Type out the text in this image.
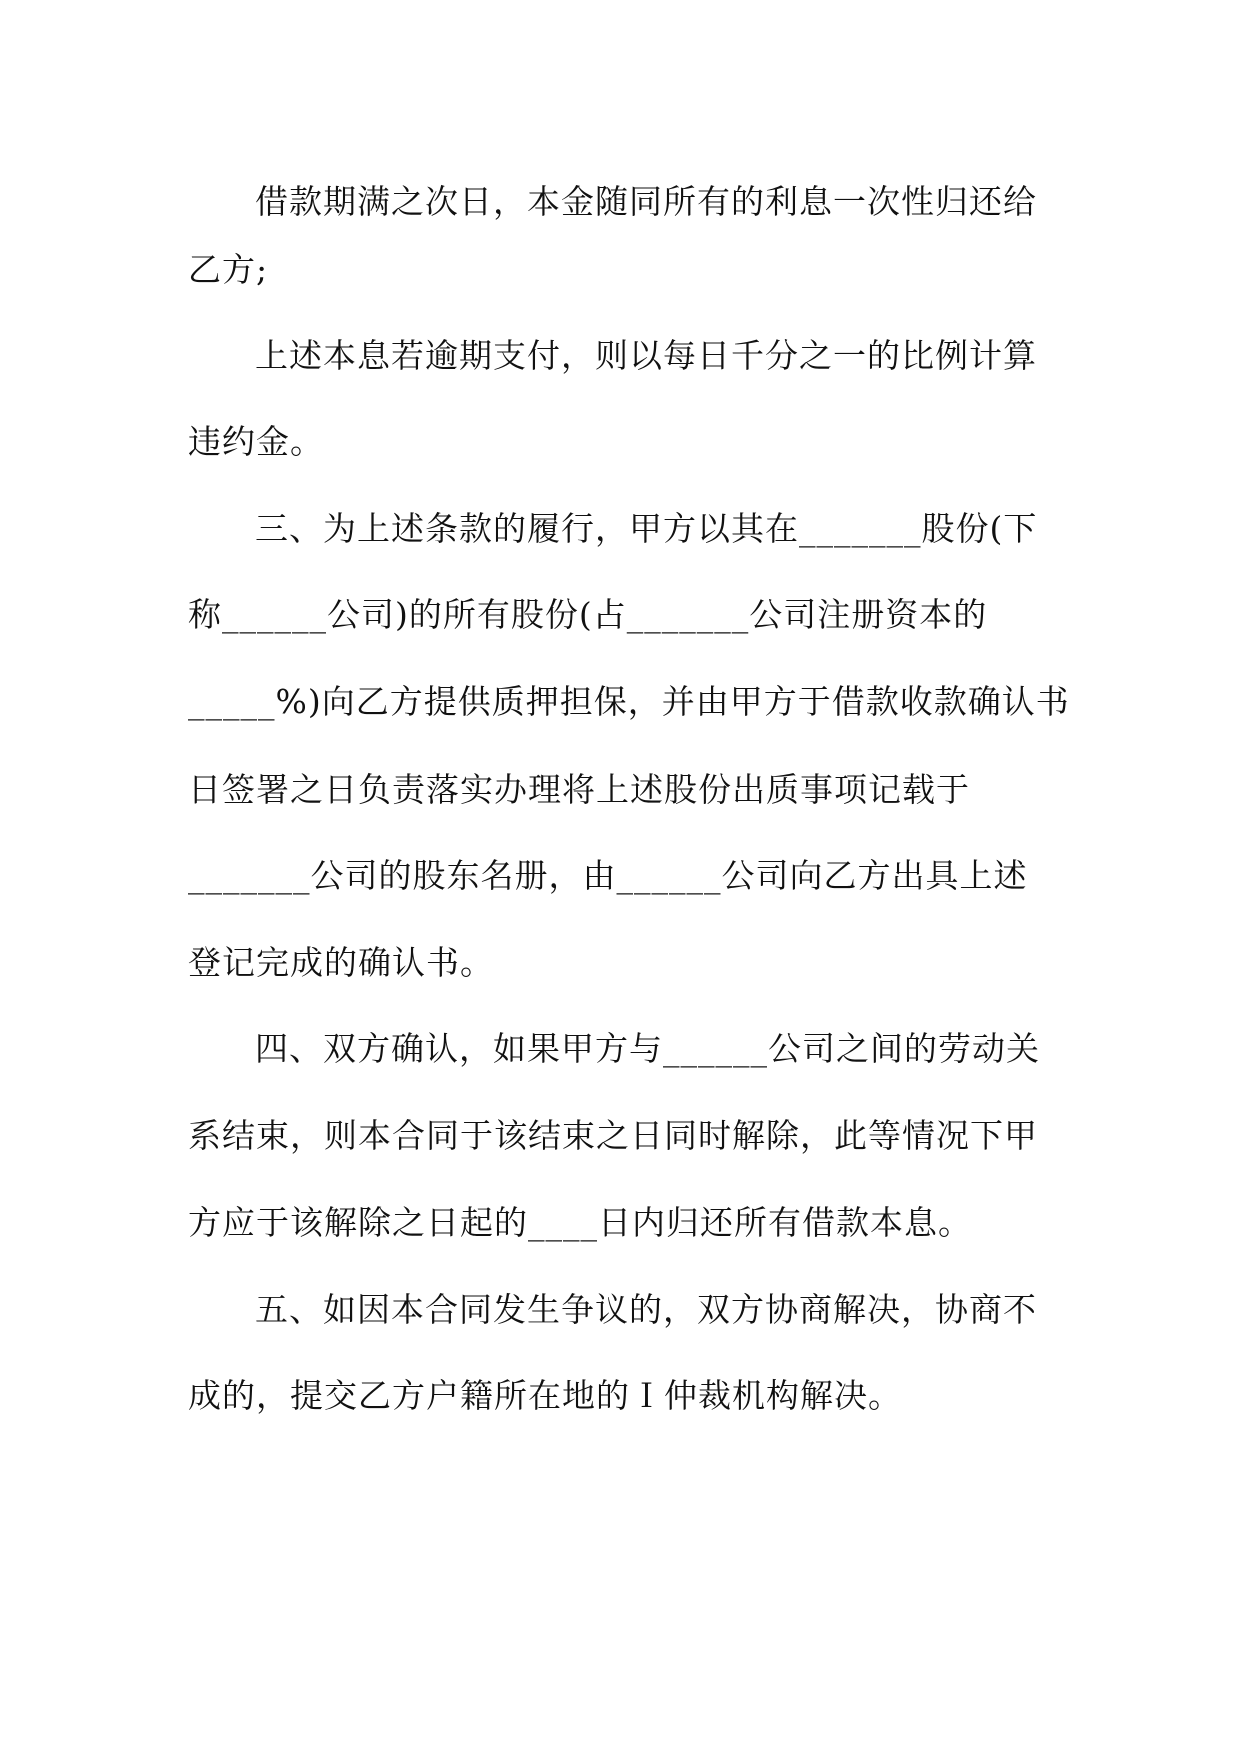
借款期满之次日，本金随同所有的利息一次性归还给
乙方;
上述本息若逾期支付，则以每日千分之一的比例计算
违约金。
三、为上述条款的履行，甲方以其在_______股份(下
称______公司)的所有股份(占_______公司注册资本的
_____%)向乙方提供质押担保，并由甲方于借款收款确认书
日签署之日负责落实办理将上述股份出质事项记载于
_______公司的股东名册，由______公司向乙方出具上述
登记完成的确认书。
四、双方确认，如果甲方与______公司之间的劳动关
系结束，则本合同于该结束之日同时解除，此等情况下甲
方应于该解除之日起的____日内归还所有借款本息。
五、如因本合同发生争议的，双方协商解决，协商不
成的，提交乙方户籍所在地的Ｉ仲裁机构解决。
